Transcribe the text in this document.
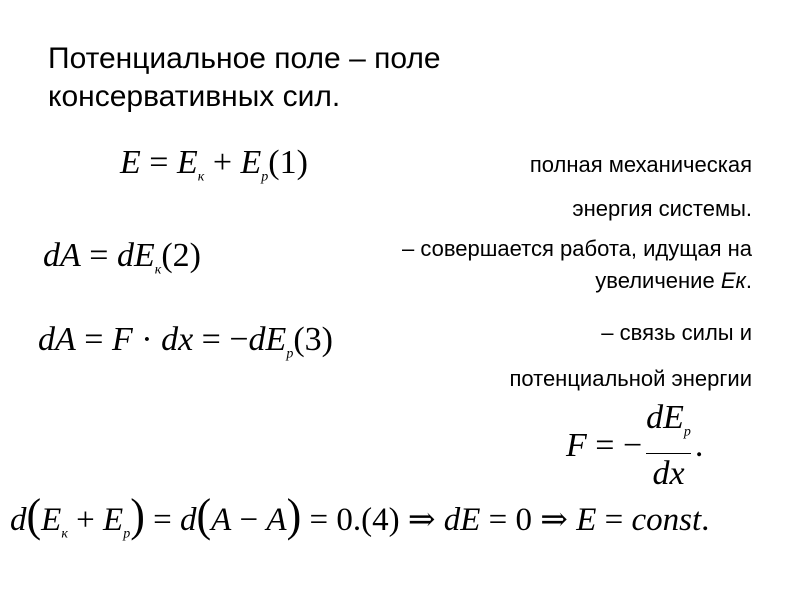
Потенциальное поле – поле
консервативных сил.
$E = E_к + E_p(1)$	полная механическая
энергия системы.
dA = $dE_к(2)$	– совершается работа, идущая на
увеличение Ек.
dA = F · dx = $-dE_p(3)$	– связь силы и
потенциальной энергии
F = − $\frac{dE_p}{dx}$ .
$d(E_к + E_p) = d(A - A) = 0.(4)$ ⇒ dE = 0 ⇒ E = const.
